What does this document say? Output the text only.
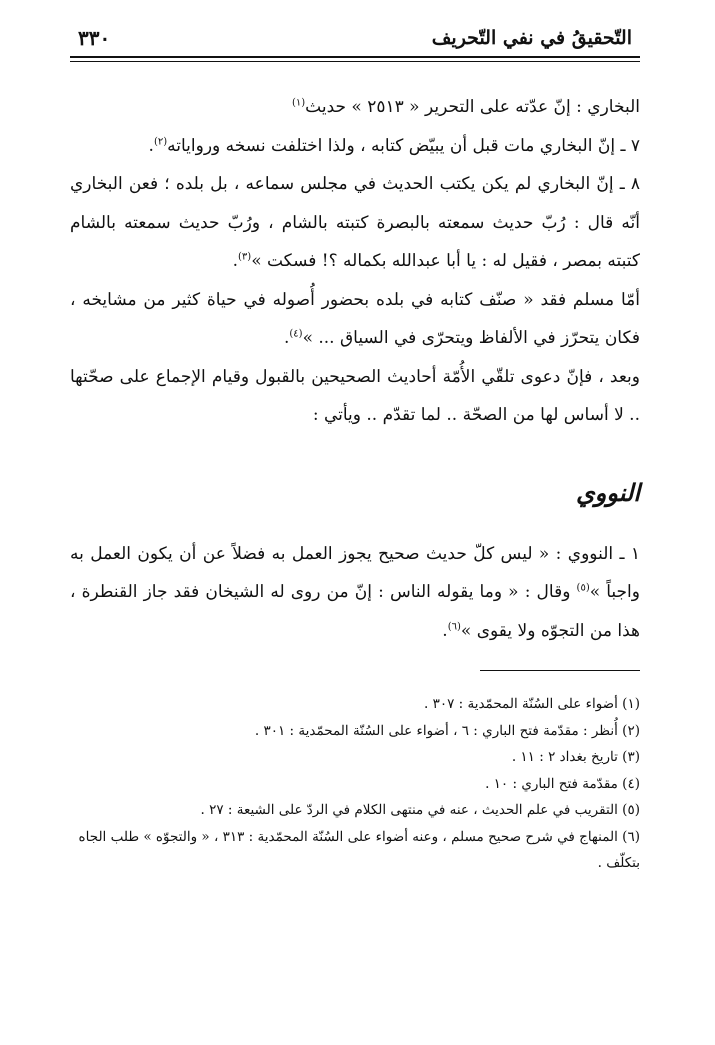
التّحقيقُ في نفي التّحريف
٣٣٠

البخاري : إنّ عدّته على التحرير « ٢٥١٣ » حديث$^{(١)}$

٧ ـ إنّ البخاري مات قبل أن يبيّض كتابه ، ولذا اختلفت نسخه ورواياته$^{(٢)}$.

٨ ـ إنّ البخاري لم يكن يكتب الحديث في مجلس سماعه ، بل بلده ؛ فعن البخاري أنّه قال : رُبّ حديث سمعته بالبصرة كتبته بالشام ، ورُبّ حديث سمعته بالشام كتبته بمصر ، فقيل له : يا أبا عبدالله بكماله ؟! فسكت »$^{(٣)}$.

أمّا مسلم فقد « صنّف كتابه في بلده بحضور أُصوله في حياة كثير من مشايخه ، فكان يتحرّز في الألفاظ ويتحرّى في السياق ... »$^{(٤)}$.

وبعد ، فإنّ دعوى تلقّي الأُمّة أحاديث الصحيحين بالقبول وقيام الإجماع على صحّتها .. لا أساس لها من الصحّة .. لما تقدّم .. ويأتي :

النووي

١ ـ النووي : « ليس كلّ حديث صحيح يجوز العمل به فضلاً عن أن يكون العمل به واجباً »$^{(٥)}$ وقال : « وما يقوله الناس : إنّ من روى له الشيخان فقد جاز القنطرة ، هذا من التجوّه ولا يقوى »$^{(٦)}$.

(١) أضواء على السُنّة المحمّدية : ٣٠٧ .

(٢) أُنظر : مقدّمة فتح الباري : ٦ ، أضواء على السُنّة المحمّدية : ٣٠١ .

(٣) تاريخ بغداد ٢ : ١١ .

(٤) مقدّمة فتح الباري : ١٠ .

(٥) التقريب في علم الحديث ، عنه في منتهى الكلام في الردّ على الشيعة : ٢٧ .

(٦) المنهاج في شرح صحيح مسلم ، وعنه أضواء على السُنّة المحمّدية : ٣١٣ ، « والتجوّه » طلب الجاه بتكلّف .
